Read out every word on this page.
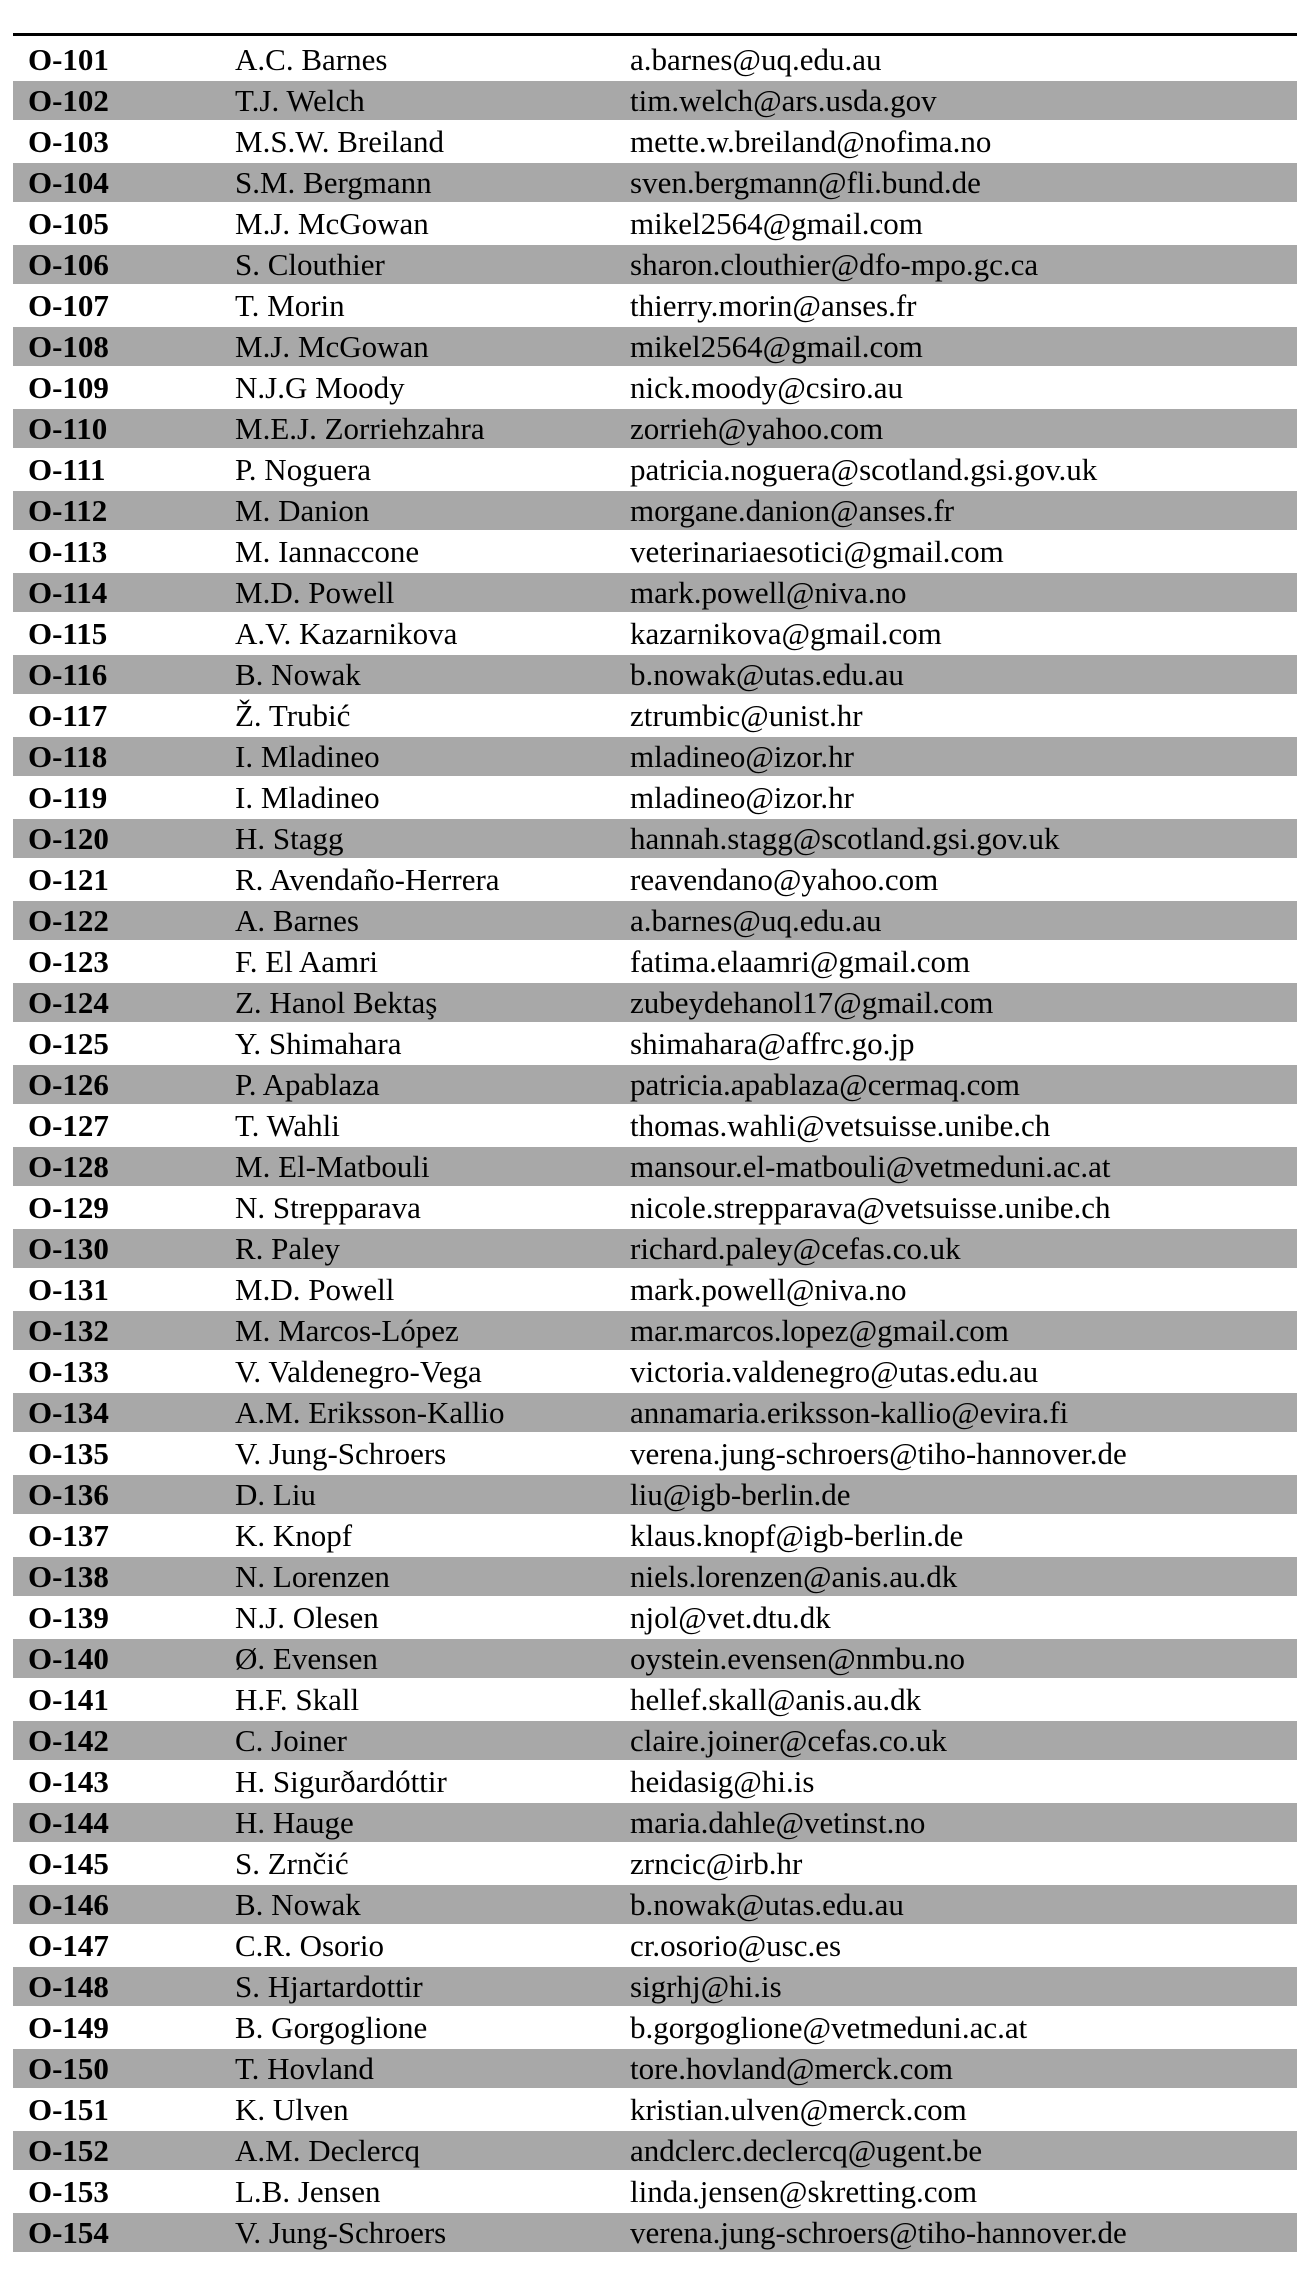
O-101	A.C. Barnes	a.barnes@uq.edu.au
O-102	T.J. Welch	tim.welch@ars.usda.gov
O-103	M.S.W. Breiland	mette.w.breiland@nofima.no
O-104	S.M. Bergmann	sven.bergmann@fli.bund.de
O-105	M.J. McGowan	mikel2564@gmail.com
O-106	S. Clouthier	sharon.clouthier@dfo-mpo.gc.ca
O-107	T. Morin	thierry.morin@anses.fr
O-108	M.J. McGowan	mikel2564@gmail.com
O-109	N.J.G Moody	nick.moody@csiro.au
O-110	M.E.J. Zorriehzahra	zorrieh@yahoo.com
O-111	P. Noguera	patricia.noguera@scotland.gsi.gov.uk
O-112	M. Danion	morgane.danion@anses.fr
O-113	M. Iannaccone	veterinariaesotici@gmail.com
O-114	M.D. Powell	mark.powell@niva.no
O-115	A.V. Kazarnikova	kazarnikova@gmail.com
O-116	B. Nowak	b.nowak@utas.edu.au
O-117	Ž. Trubić	ztrumbic@unist.hr
O-118	I. Mladineo	mladineo@izor.hr
O-119	I. Mladineo	mladineo@izor.hr
O-120	H. Stagg	hannah.stagg@scotland.gsi.gov.uk
O-121	R. Avendaño-Herrera	reavendano@yahoo.com
O-122	A. Barnes	a.barnes@uq.edu.au
O-123	F. El Aamri	fatima.elaamri@gmail.com
O-124	Z. Hanol Bektaş	zubeydehanol17@gmail.com
O-125	Y. Shimahara	shimahara@affrc.go.jp
O-126	P. Apablaza	patricia.apablaza@cermaq.com
O-127	T. Wahli	thomas.wahli@vetsuisse.unibe.ch
O-128	M. El-Matbouli	mansour.el-matbouli@vetmeduni.ac.at
O-129	N. Strepparava	nicole.strepparava@vetsuisse.unibe.ch
O-130	R. Paley	richard.paley@cefas.co.uk
O-131	M.D. Powell	mark.powell@niva.no
O-132	M. Marcos-López	mar.marcos.lopez@gmail.com
O-133	V. Valdenegro-Vega	victoria.valdenegro@utas.edu.au
O-134	A.M. Eriksson-Kallio	annamaria.eriksson-kallio@evira.fi
O-135	V. Jung-Schroers	verena.jung-schroers@tiho-hannover.de
O-136	D. Liu	liu@igb-berlin.de
O-137	K. Knopf	klaus.knopf@igb-berlin.de
O-138	N. Lorenzen	niels.lorenzen@anis.au.dk
O-139	N.J. Olesen	njol@vet.dtu.dk
O-140	Ø. Evensen	oystein.evensen@nmbu.no
O-141	H.F. Skall	hellef.skall@anis.au.dk
O-142	C. Joiner	claire.joiner@cefas.co.uk
O-143	H. Sigurðardóttir	heidasig@hi.is
O-144	H. Hauge	maria.dahle@vetinst.no
O-145	S. Zrnčić	zrncic@irb.hr
O-146	B. Nowak	b.nowak@utas.edu.au
O-147	C.R. Osorio	cr.osorio@usc.es
O-148	S. Hjartardottir	sigrhj@hi.is
O-149	B. Gorgoglione	b.gorgoglione@vetmeduni.ac.at
O-150	T. Hovland	tore.hovland@merck.com
O-151	K. Ulven	kristian.ulven@merck.com
O-152	A.M. Declercq	andclerc.declercq@ugent.be
O-153	L.B. Jensen	linda.jensen@skretting.com
O-154	V. Jung-Schroers	verena.jung-schroers@tiho-hannover.de
